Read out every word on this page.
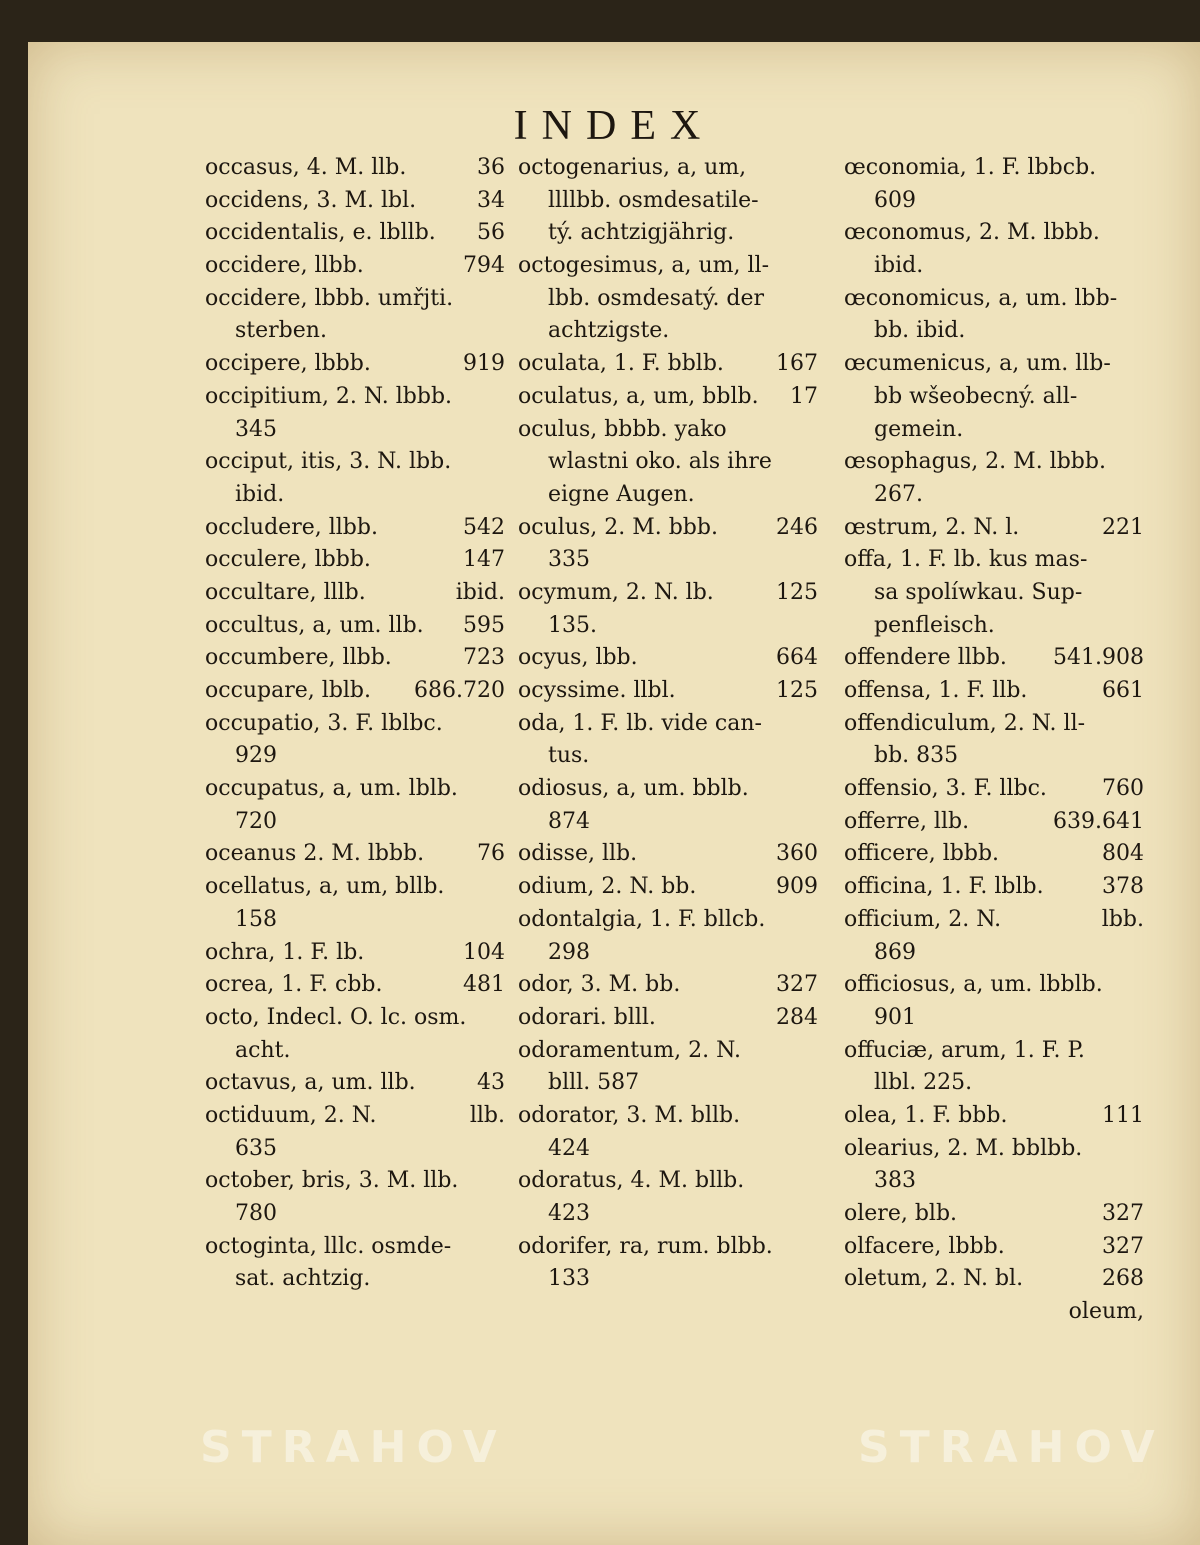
INDEX
occasus, 4. M. llb.	36
occidens, 3. M. lbl.	34
occidentalis, e. lbllb. 56
occidere, llbb.	794
occidere, lbbb. umřjti.
sterben.
occipere, lbbb.	919
occipitium, 2. N. lbbb.
345
occiput, itis, 3. N. lbb.
ibid.
occludere, llbb.	542
occulere, lbbb.	147
occultare, lllb.	ibid.
occultus, a, um. llb. 595
occumbere, llbb.	723
occupare, lblb. 686.720
occupatio, 3. F. lblbc.
929
occupatus, a, um. lblb.
720
oceanus 2. M. lbbb. 76
ocellatus, a, um, bllb.
158
ochra, 1. F. lb.	104
ocrea, 1. F. cbb.	481
octo, Indecl. O. lc. osm.
acht.
octavus, a, um. llb.	43
octiduum, 2. N.	llb.
635
october, bris, 3. M. llb.
780
octoginta, lllc. osmde-
sat. achtzig.
octogenarius, a, um,
llllbb. osmdesatile-
tý. achtzigjährig.
octogesimus, a, um, ll-
lbb. osmdesatý. der
achtzigste.
oculata, 1. F. bblb. 167
oculatus, a, um, bblb. 17
oculus, bbbb. yako
wlastni oko. als ihre
eigne Augen.
oculus, 2. M. bbb.	246
335
ocymum, 2. N. lb.	125
135.
ocyus, lbb.	664
ocyssime. llbl.	125
oda, 1. F. lb. vide can-
tus.
odiosus, a, um. bblb.
874
odisse, llb.	360
odium, 2. N. bb.	909
odontalgia, 1. F. bllcb.
298
odor, 3. M. bb.	327
odorari. blll.	284
odoramentum, 2. N.
blll. 587
odorator, 3. M. bllb.
424
odoratus, 4. M. bllb.
423
odorifer, ra, rum. blbb.
133
œconomia, 1. F. lbbcb.
609
œconomus, 2. M. lbbb.
ibid.
œconomicus, a, um. lbb-
bb. ibid.
œcumenicus, a, um. llb-
bb wšeobecný. all-
gemein.
œsophagus, 2. M. lbbb.
267.
œstrum, 2. N. l.	221
offa, 1. F. lb. kus mas-
sa spolíwkau. Sup-
penfleisch.
offendere llbb. 541.908
offensa, 1. F. llb.	661
offendiculum, 2. N. ll-
bb. 835
offensio, 3. F. llbc.	760
offerre, llb.	639.641
officere, lbbb.	804
officina, 1. F. lblb.	378
officium, 2. N.	lbb.
869
officiosus, a, um. lbblb.
901
offuciæ, arum, 1. F. P.
llbl. 225.
olea, 1. F. bbb.	111
olearius, 2. M. bblbb.
383
olere, blb.	327
olfacere, lbbb.	327
oletum, 2. N. bl.	268
oleum,
STRAHOV	STRAHOV
